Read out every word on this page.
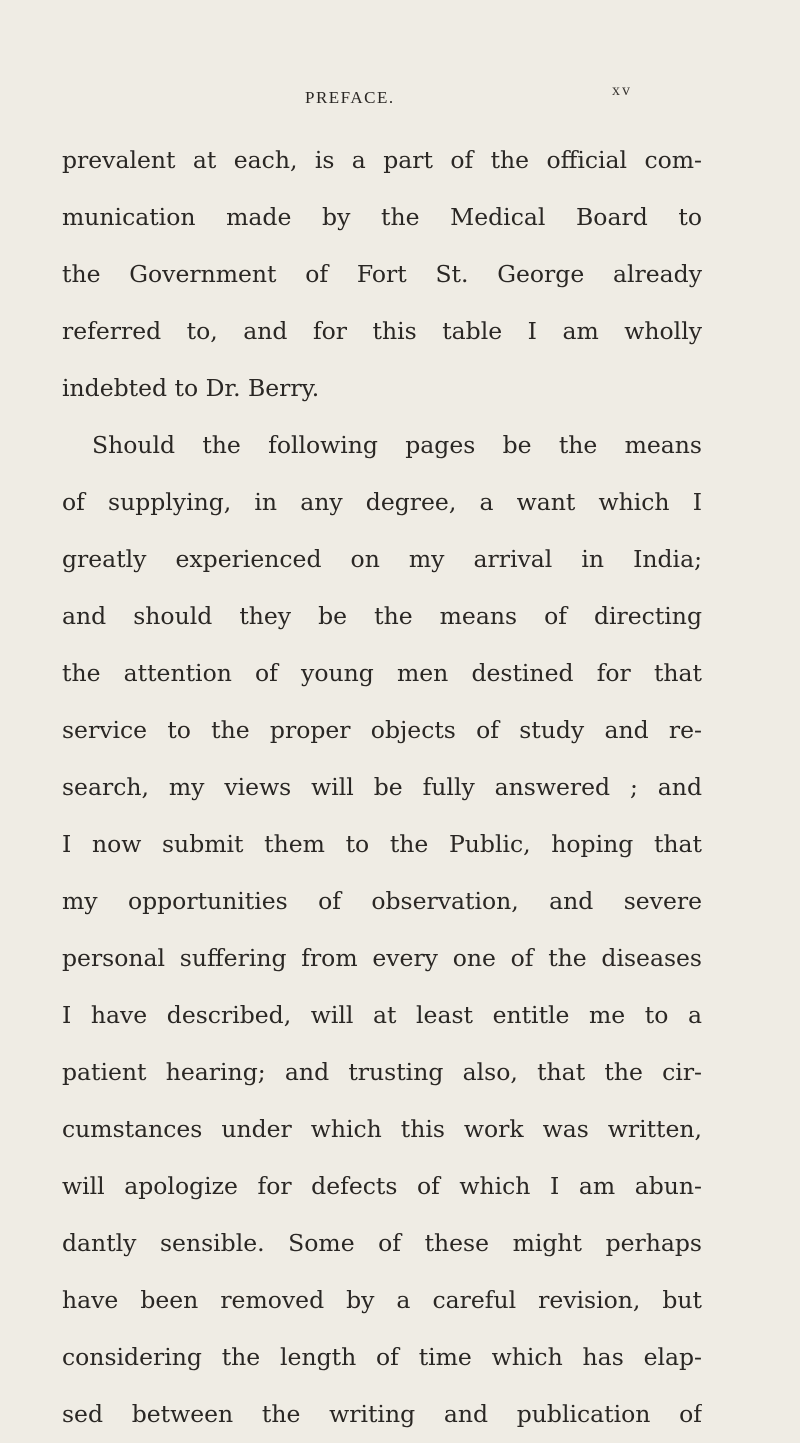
PREFACE.	xv
prevalent at each, is a part of the official com-
munication made by the Medical Board to
the Government of Fort St. George already
referred to, and for this table I am wholly
indebted to Dr. Berry.
Should the following pages be the means
of supplying, in any degree, a want which I
greatly experienced on my arrival in India;
and should they be the means of directing
the attention of young men destined for that
service to the proper objects of study and re-
search, my views will be fully answered ; and
I now submit them to the Public, hoping that
my opportunities of observation, and severe
personal suffering from every one of the diseases
I have described, will at least entitle me to a
patient hearing; and trusting also, that the cir-
cumstances under which this work was written,
will apologize for defects of which I am abun-
dantly sensible. Some of these might perhaps
have been removed by a careful revision, but
considering the length of time which has elap-
sed between the writing and publication of
